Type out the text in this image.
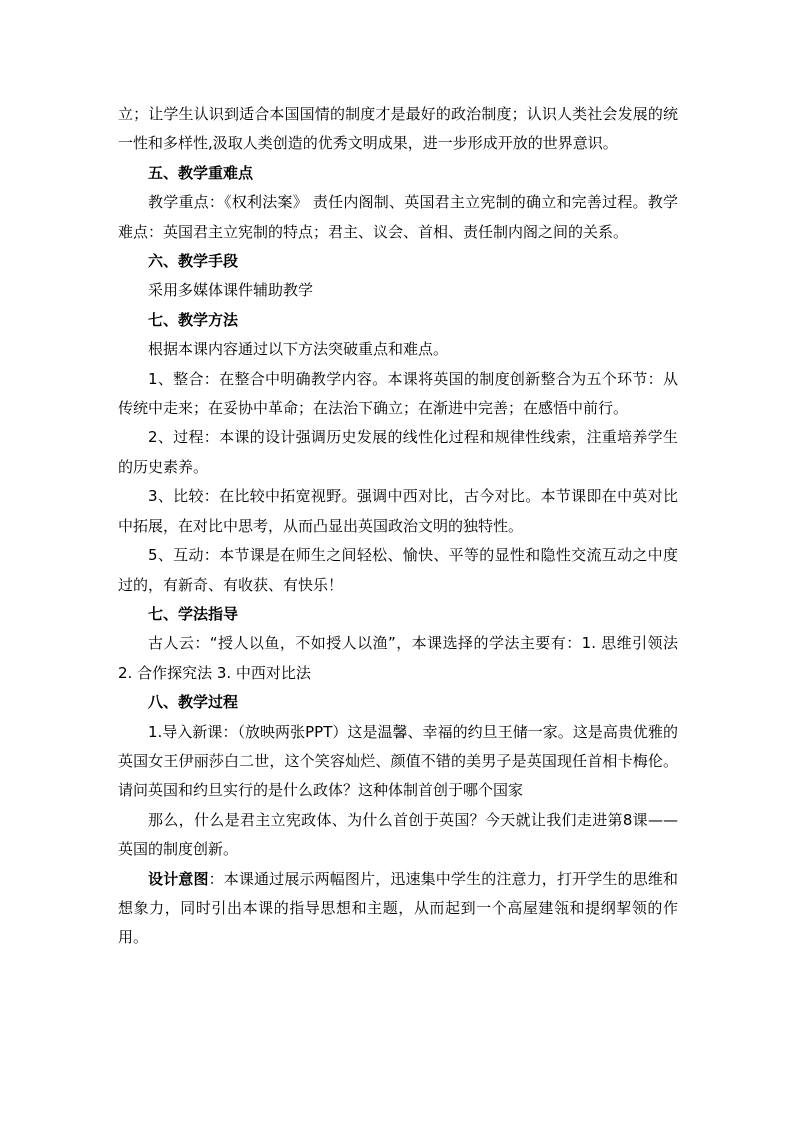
立；让学生认识到适合本国国情的制度才是最好的政治制度；认识人类社会发展的统一性和多样性,汲取人类创造的优秀文明成果，进一步形成开放的世界意识。

五、教学重难点

教学重点：《权利法案》 责任内阁制、英国君主立宪制的确立和完善过程。教学难点：英国君主立宪制的特点；君主、议会、首相、责任制内阁之间的关系。

六、教学手段

采用多媒体课件辅助教学

七、教学方法

根据本课内容通过以下方法突破重点和难点。

1、整合：在整合中明确教学内容。本课将英国的制度创新整合为五个环节：从传统中走来；在妥协中革命；在法治下确立；在渐进中完善；在感悟中前行。

2、过程：本课的设计强调历史发展的线性化过程和规律性线索，注重培养学生的历史素养。

3、比较：在比较中拓宽视野。强调中西对比，古今对比。本节课即在中英对比中拓展，在对比中思考，从而凸显出英国政治文明的独特性。

5、互动：本节课是在师生之间轻松、愉快、平等的显性和隐性交流互动之中度过的，有新奇、有收获、有快乐！

七、学法指导

古人云：“授人以鱼，不如授人以渔”，本课选择的学法主要有：1. 思维引领法 2. 合作探究法 3. 中西对比法

八、教学过程

1.导入新课：（放映两张PPT）这是温馨、幸福的约旦王储一家。这是高贵优雅的英国女王伊丽莎白二世，这个笑容灿烂、颜值不错的美男子是英国现任首相卡梅伦。请问英国和约旦实行的是什么政体？这种体制首创于哪个国家

那么，什么是君主立宪政体、为什么首创于英国？今天就让我们走进第8课——英国的制度创新。

设计意图：本课通过展示两幅图片，迅速集中学生的注意力，打开学生的思维和想象力，同时引出本课的指导思想和主题，从而起到一个高屋建瓴和提纲挈领的作用。
